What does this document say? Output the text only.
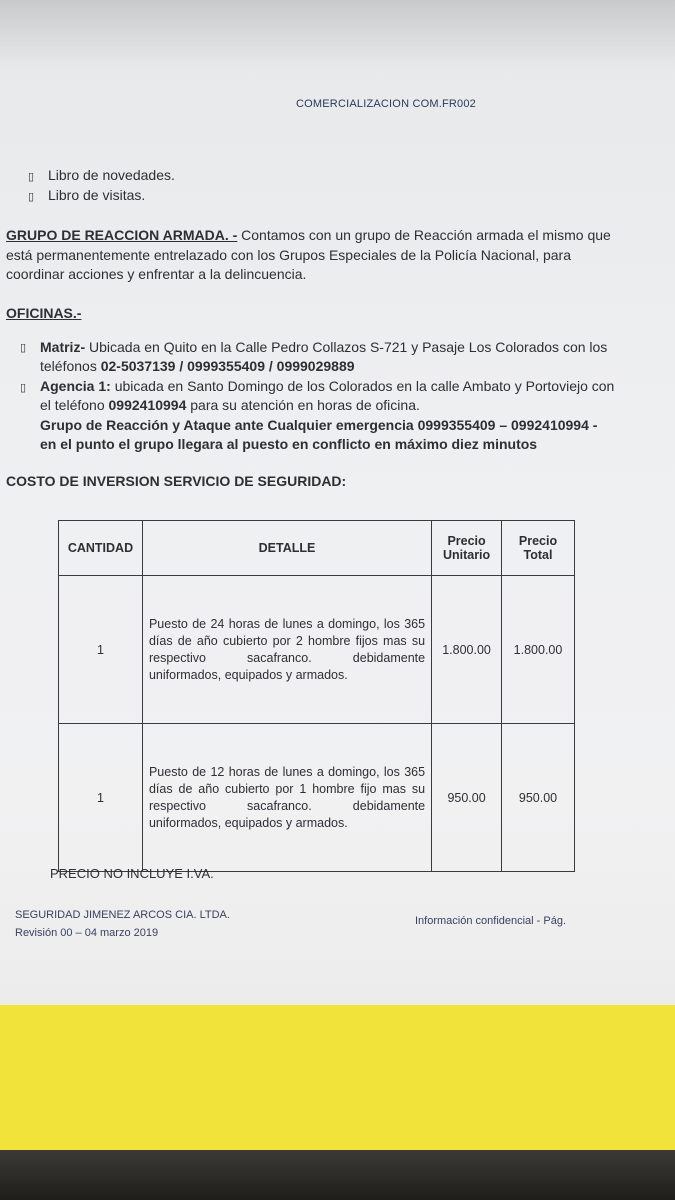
COMERCIALIZACION COM.FR002
▯ Libro de novedades.
▯ Libro de visitas.
GRUPO DE REACCION ARMADA. - Contamos con un grupo de Reacción armada el mismo que
está permanentemente entrelazado con los Grupos Especiales de la Policía Nacional, para
coordinar acciones y enfrentar a la delincuencia.
OFICINAS.-
▯ Matriz- Ubicada en Quito en la Calle Pedro Collazos S-721 y Pasaje Los Colorados con los
teléfonos 02-5037139 / 0999355409 / 0999029889
▯ Agencia 1: ubicada en Santo Domingo de los Colorados en la calle Ambato y Portoviejo con
el teléfono 0992410994 para su atención en horas de oficina.
Grupo de Reacción y Ataque ante Cualquier emergencia 0999355409 – 0992410994 -
en el punto el grupo llegara al puesto en conflicto en máximo diez minutos
COSTO DE INVERSION SERVICIO DE SEGURIDAD:
CANTIDAD	DETALLE	Precio Unitario	Precio Total
1	Puesto de 24 horas de lunes a domingo, los 365 días de año cubierto por 2 hombre fijos mas su respectivo sacafranco. debidamente uniformados, equipados y armados.	1.800.00	1.800.00
1	Puesto de 12 horas de lunes a domingo, los 365 días de año cubierto por 1 hombre fijo mas su respectivo sacafranco. debidamente uniformados, equipados y armados.	950.00	950.00
PRECIO NO INCLUYE I.VA.
SEGURIDAD JIMENEZ ARCOS CIA. LTDA.
Revisión 00 – 04 marzo 2019
Información confidencial - Pág.
